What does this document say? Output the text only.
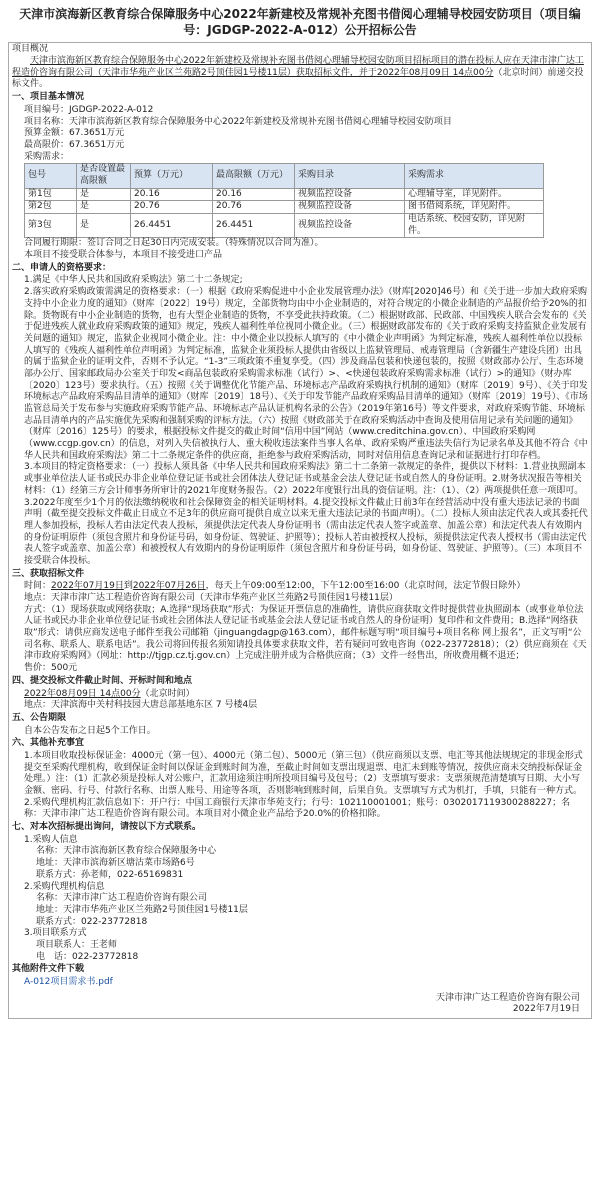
天津市滨海新区教育综合保障服务中心2022年新建校及常规补充图书借阅心理辅导校园安防项目（项目编号：JGDGP-2022-A-012）公开招标公告
项目概况
天津市滨海新区教育综合保障服务中心2022年新建校及常规补充图书借阅心理辅导校园安防项目招标项目的潜在投标人应在天津市津广达工程造价咨询有限公司（天津市华苑产业区兰苑路2号顶佳园1号楼11层）获取招标文件，并于2022年08月09日 14点00分（北京时间）前递交投标文件。
一、项目基本情况
项目编号：JGDGP-2022-A-012
项目名称：天津市滨海新区教育综合保障服务中心2022年新建校及常规补充图书借阅心理辅导校园安防项目
预算金额：67.3651万元
最高限价：67.3651万元
采购需求：
包号	是否设置最高限额	预算（万元）	最高限额（万元）	采购目录	采购需求
第1包	是	20.16	20.16	视频监控设备	心理辅导室，详见附件。
第2包	是	20.76	20.76	视频监控设备	图书借阅系统，详见附件。
第3包	是	26.4451	26.4451	视频监控设备	电话系统、校园安防，详见附件。
合同履行期限：签订合同之日起30日内完成安装。（特殊情况以合同为准）。
本项目不接受联合体参与，本项目不接受进口产品
二、申请人的资格要求：
1.满足《中华人民共和国政府采购法》第二十二条规定;
2.落实政府采购政策需满足的资格要求：（一）根据《政府采购促进中小企业发展管理办法》（财库[2020]46号）和《关于进一步加大政府采购支持中小企业力度的通知》（财库〔2022〕19号）规定，全部货物均由中小企业制造的，对符合规定的小微企业制造的产品报价给予20%的扣除。货物既有中小企业制造的货物，也有大型企业制造的货物，不享受此扶持政策。（二）根据财政部、民政部、中国残疾人联合会发布的《关于促进残疾人就业政府采购政策的通知》规定，残疾人福利性单位视同小微企业。（三）根据财政部发布的《关于政府采购支持监狱企业发展有关问题的通知》规定，监狱企业视同小微企业。注：中小微企业以投标人填写的《中小微企业声明函》为判定标准，残疾人福利性单位以投标人填写的《残疾人福利性单位声明函》为判定标准，监狱企业须投标人提供由省级以上监狱管理局、戒毒管理局（含新疆生产建设兵团）出具的属于监狱企业的证明文件，否则不予认定。“1-3”三项政策不重复享受。（四）涉及商品包装和快递包装的，按照《财政部办公厅、生态环境部办公厅、国家邮政局办公室关于印发<商品包装政府采购需求标准（试行）>、<快递包装政府采购需求标准（试行）>的通知》（财办库〔2020〕123号）要求执行。（五）按照《关于调整优化节能产品、环境标志产品政府采购执行机制的通知》（财库〔2019〕9号）、《关于印发环境标志产品政府采购品目清单的通知》（财库〔2019〕18号）、《关于印发节能产品政府采购品目清单的通知》（财库〔2019〕19号）、《市场监管总局关于发布参与实施政府采购节能产品、环境标志产品认证机构名录的公告》（2019年第16号）等文件要求，对政府采购节能、环境标志品目清单内的产品实施优先采购和强制采购的评标方法。（六）按照《财政部关于在政府采购活动中查询及使用信用记录有关问题的通知》（财库〔2016〕125号）的要求，根据投标文件提交的截止时间“信用中国”网站（www.creditchina.gov.cn）、中国政府采购网（www.ccgp.gov.cn）的信息，对列入失信被执行人、重大税收违法案件当事人名单、政府采购严重违法失信行为记录名单及其他不符合《中华人民共和国政府采购法》第二十二条规定条件的供应商，拒绝参与政府采购活动，同时对信用信息查询记录和证据进行打印存档。
3.本项目的特定资格要求：（一）投标人须具备《中华人民共和国政府采购法》第二十二条第一款规定的条件，提供以下材料：1.营业执照副本或事业单位法人证书或民办非企业单位登记证书或社会团体法人登记证书或基金会法人登记证书或自然人的身份证明。2.财务状况报告等相关材料：（1）经第三方会计师事务所审计的2021年度财务报告。（2）2022年度银行出具的资信证明。注：（1）、（2）两项提供任意一项即可。3.2022年度至少1个月的依法缴纳税收和社会保障资金的相关证明材料。4.提交投标文件截止日前3年在经营活动中没有重大违法记录的书面声明（截至提交投标文件截止日成立不足3年的供应商可提供自成立以来无重大违法记录的书面声明）。（二）投标人须由法定代表人或其委托代理人参加投标，投标人若由法定代表人投标，须提供法定代表人身份证明书（需由法定代表人签字或盖章、加盖公章）和法定代表人有效期内的身份证明原件（须包含照片和身份证号码，如身份证、驾驶证、护照等）；投标人若由被授权人投标，须提供法定代表人授权书（需由法定代表人签字或盖章、加盖公章）和被授权人有效期内的身份证明原件（须包含照片和身份证号码，如身份证、驾驶证、护照等）。（三）本项目不接受联合体投标。
三、获取招标文件
时间：2022年07月19日到2022年07月26日，每天上午09:00至12:00，下午12:00至16:00（北京时间，法定节假日除外）
地点：天津市津广达工程造价咨询有限公司（天津市华苑产业区兰苑路2号顶佳园1号楼11层）
方式：（1）现场获取或网络获取；A.选择“现场获取”形式：为保证开票信息的准确性，请供应商获取文件时提供营业执照副本（或事业单位法人证书或民办非企业单位登记证书或社会团体法人登记证书或基金会法人登记证书或自然人的身份证明）复印件和文件费用；B.选择“网络获取”形式：请供应商发送电子邮件至我公司邮箱（jinguangdagp@163.com），邮件标题写明“项目编号+项目名称 网上报名”，正文写明“公司名称、联系人、联系电话”。我公司将回传报名须知请投具体要求获取文件，若有疑问可致电咨询（022-23772818）；（2）供应商须在《天津市政府采购网》（网址：http://tjgp.cz.tj.gov.cn）上完成注册并成为合格供应商；（3）文件一经售出，所收费用概不退还；
售价：500元
四、提交投标文件截止时间、开标时间和地点
2022年08月09日 14点00分（北京时间）
地点：天津滨海中关村科技园大唐总部基地东区 7 号楼4层
五、公告期限
自本公告发布之日起5个工作日。
六、其他补充事宜
1.本项目收取投标保证金：4000元（第一包）、4000元（第二包）、5000元（第三包）（供应商须以支票、电汇等其他法规规定的非现金形式提交至采购代理机构，收到保证金时间以保证金到账时间为准，至截止时间如支票出现退票、电汇未到账等情况，按供应商未交纳投标保证金处理。）注：（1）汇款必须是投标人对公账户，汇款用途须注明所投项目编号及包号；（2）支票填写要求：支票须规范清楚填写日期、大小写金额、密码、行号、付款行名称、出票人账号、用途等各项，否则影响到账时间，后果自负。支票填写方式为机打，手填，只能有一种方式。2.采购代理机构汇款信息如下：开户行：中国工商银行天津市华苑支行；行号：102110001001；账号：0302017119300288227；名称：天津市津广达工程造价咨询有限公司。本项目对小微企业产品给予20.0%的价格扣除。
七、对本次招标提出询问，请按以下方式联系。
1.采购人信息
名称：天津市滨海新区教育综合保障服务中心
地址：天津市滨海新区塘沽菜市场路6号
联系方式：孙老师，022-65169831
2.采购代理机构信息
名称：天津市津广达工程造价咨询有限公司
地址：天津市华苑产业区兰苑路2号顶佳园1号楼11层
联系方式：022-23772818
3.项目联系方式
项目联系人：王老师
电　话：022-23772818
其他附件文件下载
A-012项目需求书.pdf
天津市津广达工程造价咨询有限公司
2022年7月19日
